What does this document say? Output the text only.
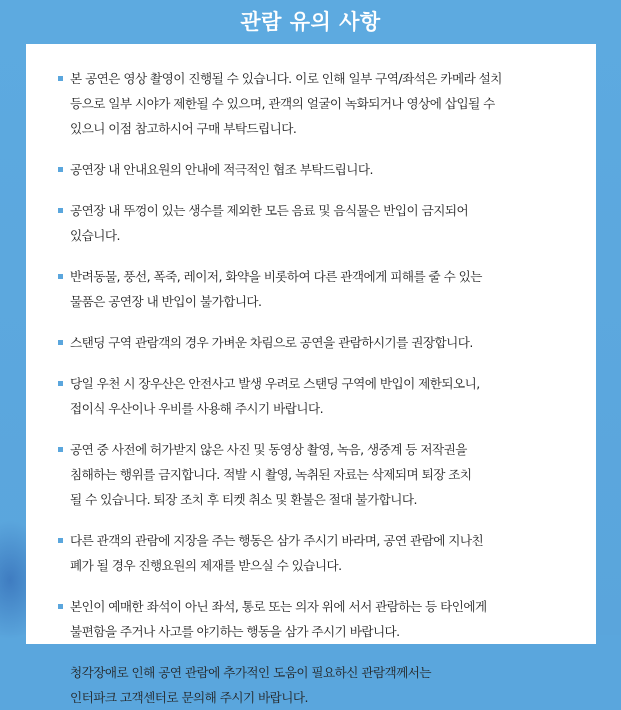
관람 유의 사항
본 공연은 영상 촬영이 진행될 수 있습니다. 이로 인해 일부 구역/좌석은 카메라 설치
등으로 일부 시야가 제한될 수 있으며, 관객의 얼굴이 녹화되거나 영상에 삽입될 수
있으니 이점 참고하시어 구매 부탁드립니다.
공연장 내 안내요원의 안내에 적극적인 협조 부탁드립니다.
공연장 내 뚜껑이 있는 생수를 제외한 모든 음료 및 음식물은 반입이 금지되어
있습니다.
반려동물, 풍선, 폭죽, 레이저, 화약을 비롯하여 다른 관객에게 피해를 줄 수 있는
물품은 공연장 내 반입이 불가합니다.
스탠딩 구역 관람객의 경우 가벼운 차림으로 공연을 관람하시기를 권장합니다.
당일 우천 시 장우산은 안전사고 발생 우려로 스탠딩 구역에 반입이 제한되오니,
접이식 우산이나 우비를 사용해 주시기 바랍니다.
공연 중 사전에 허가받지 않은 사진 및 동영상 촬영, 녹음, 생중계 등 저작권을
침해하는 행위를 금지합니다. 적발 시 촬영, 녹취된 자료는 삭제되며 퇴장 조치
될 수 있습니다. 퇴장 조치 후 티켓 취소 및 환불은 절대 불가합니다.
다른 관객의 관람에 지장을 주는 행동은 삼가 주시기 바라며, 공연 관람에 지나친
폐가 될 경우 진행요원의 제재를 받으실 수 있습니다.
본인이 예매한 좌석이 아닌 좌석, 통로 또는 의자 위에 서서 관람하는 등 타인에게
불편함을 주거나 사고를 야기하는 행동을 삼가 주시기 바랍니다.
청각장애로 인해 공연 관람에 추가적인 도움이 필요하신 관람객께서는
인터파크 고객센터로 문의해 주시기 바랍니다.
